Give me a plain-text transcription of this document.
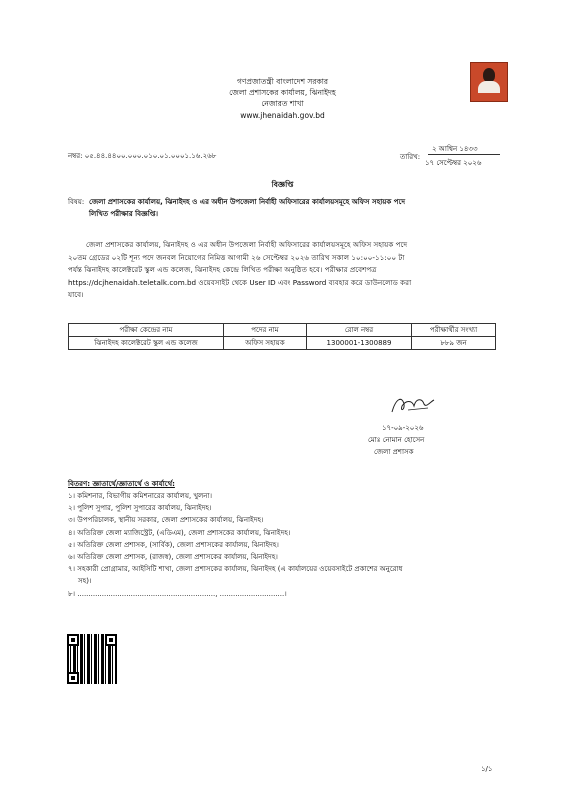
গণপ্রজাতন্ত্রী বাংলাদেশ সরকার
জেলা প্রশাসকের কার্যালয়, ঝিনাইদহ
নেজারত শাখা
www.jhenaidah.gov.bd
নম্বর: ০৫.৪৪.৪৪০০.০০০.০১০.০১.০০০১.১৬.২৬৮
২ আশ্বিন ১৪৩৩
তারিখ:
১৭ সেপ্টেম্বর ২০২৬
বিজ্ঞপ্তি
বিষয়: জেলা প্রশাসকের কার্যালয়, ঝিনাইদহ ও এর অধীন উপজেলা নির্বাহী অফিসারের কার্যালয়সমূহে অফিস সহায়ক পদে
লিখিত পরীক্ষার বিজ্ঞপ্তি।
জেলা প্রশাসকের কার্যালয়, ঝিনাইদহ ও এর অধীন উপজেলা নির্বাহী অফিসারের কার্যালয়সমূহে অফিস সহায়ক পদে
২০তম গ্রেডের ০২টি শূন্য পদে জনবল নিয়োগের নিমিত্ত আগামী ২৬ সেপ্টেম্বর ২০২৬ তারিখ সকাল ১০:০০-১১:০০ টা
পর্যন্ত ঝিনাইদহ কালেক্টরেট স্কুল এন্ড কলেজ, ঝিনাইদহ কেন্দ্রে লিখিত পরীক্ষা অনুষ্ঠিত হবে। পরীক্ষার প্রবেশপত্র
https://dcjhenaidah.teletalk.com.bd ওয়েবসাইট থেকে User ID এবং Password ব্যবহার করে ডাউনলোড করা
যাবে।
পরীক্ষা কেন্দ্রের নাম	পদের নাম	রোল নম্বর	পরীক্ষার্থীর সংখ্যা
ঝিনাইদহ কালেক্টরেট স্কুল এন্ড কলেজ	অফিস সহায়ক	1300001-1300889	৮৮৯ জন
১৭-০৯-২০২৬
মোঃ নোমান হোসেন
জেলা প্রশাসক
বিতরণ: জ্ঞাতার্থে/জ্ঞাতার্থে ও কার্যার্থে:
১। কমিশনার, বিভাগীয় কমিশনারের কার্যালয়, খুলনা।
২। পুলিশ সুপার, পুলিশ সুপারের কার্যালয়, ঝিনাইদহ।
৩। উপপরিচালক, স্থানীয় সরকার, জেলা প্রশাসকের কার্যালয়, ঝিনাইদহ।
৪। অতিরিক্ত জেলা ম্যাজিস্ট্রেট, (এডিএম), জেলা প্রশাসকের কার্যালয়, ঝিনাইদহ।
৫। অতিরিক্ত জেলা প্রশাসক, (সার্বিক), জেলা প্রশাসকের কার্যালয়, ঝিনাইদহ।
৬। অতিরিক্ত জেলা প্রশাসক, (রাজস্ব), জেলা প্রশাসকের কার্যালয়, ঝিনাইদহ।
৭। সহকারী প্রোগ্রামার, আইসিটি শাখা, জেলা প্রশাসকের কার্যালয়, ঝিনাইদহ (এ কার্যালয়ের ওয়েবসাইটে প্রকাশের অনুরোধ
সহ)।
৮। .............................................................., .............................।
১/১
